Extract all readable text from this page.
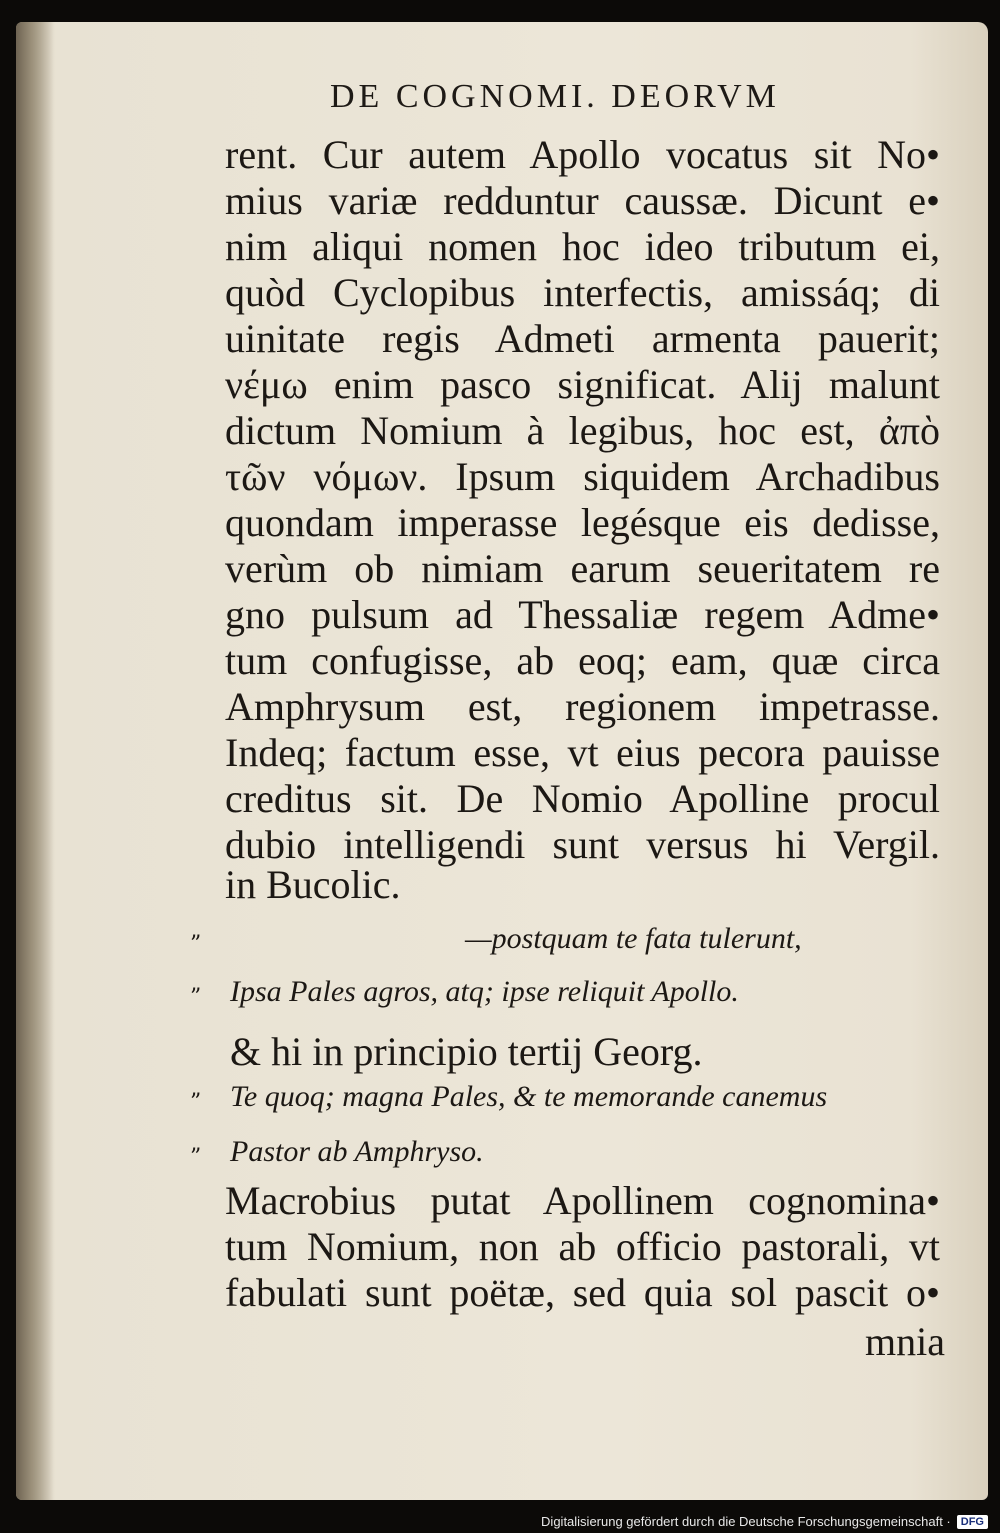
DE COGNOMI. DEORVM
rent. Cur autem Apollo vocatus sit No•
mius variæ redduntur caussæ. Dicunt e•
nim aliqui nomen hoc ideo tributum ei,
quòd Cyclopibus interfectis, amissáq; di
uinitate regis Admeti armenta pauerit;
νέμω enim pasco significat. Alij malunt
dictum Nomium à legibus, hoc est, ἀπὸ
τῶν νόμων. Ipsum siquidem Archadibus
quondam imperasse legésque eis dedisse,
verùm ob nimiam earum seueritatem re
gno pulsum ad Thessaliæ regem Adme•
tum confugisse, ab eoq; eam, quæ circa
Amphrysum est, regionem impetrasse.
Indeq; factum esse, vt eius pecora pauisse
creditus sit. De Nomio Apolline procul
dubio intelligendi sunt versus hi Vergil.
in Bucolic.
”	—postquam te fata tulerunt,
” Ipsa Pales agros, atq; ipse reliquit Apollo.
& hi in principio tertij Georg.
” Te quoq; magna Pales, & te memorande canemus
” Pastor ab Amphryso.
Macrobius putat Apollinem cognomina•
tum Nomium, non ab officio pastorali, vt
fabulati sunt poëtæ, sed quia sol pascit o•
mnia
Digitalisierung gefördert durch die Deutsche Forschungsgemeinschaft · DFG
